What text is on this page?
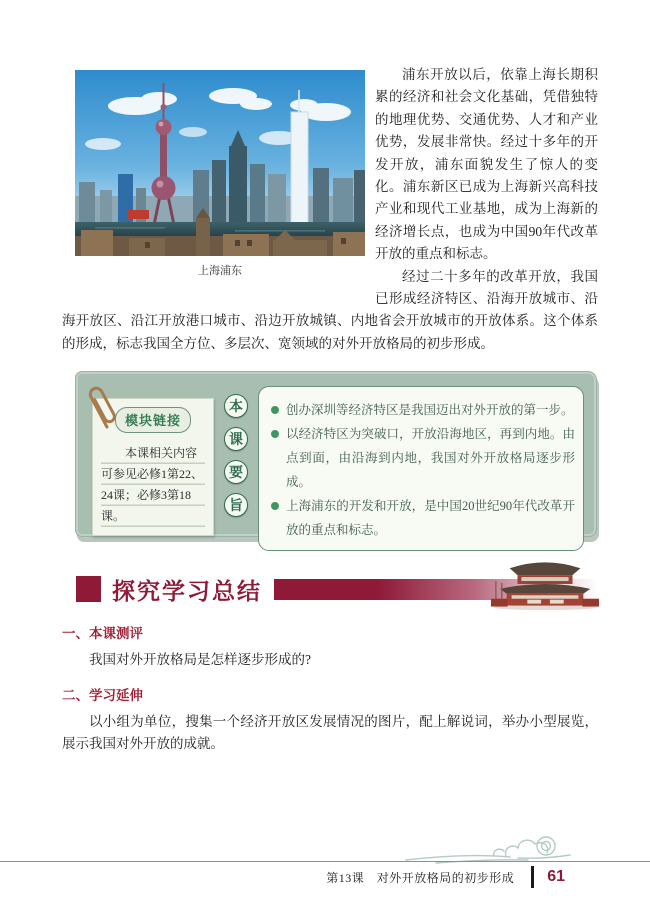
上海浦东

浦东开放以后，依靠上海长期积累的经济和社会文化基础，凭借独特的地理优势、交通优势、人才和产业优势，发展非常快。经过十多年的开发开放，浦东面貌发生了惊人的变化。浦东新区已成为上海新兴高科技产业和现代工业基地，成为上海新的经济增长点，也成为中国90年代改革开放的重点和标志。

经过二十多年的改革开放，我国已形成经济特区、沿海开放城市、沿海开放区、沿江开放港口城市、沿边开放城镇、内地省会开放城市的开放体系。这个体系的形成，标志我国全方位、多层次、宽领域的对外开放格局的初步形成。

模块链接
本课相关内容可参见必修1第22、24课；必修3第18课。
本
课
要
旨
创办深圳等经济特区是我国迈出对外开放的第一步。
以经济特区为突破口，开放沿海地区，再到内地。由点到面，由沿海到内地，我国对外开放格局逐步形成。
上海浦东的开发和开放，是中国20世纪90年代改革开放的重点和标志。
探究学习总结
一、本课测评

我国对外开放格局是怎样逐步形成的?

二、学习延伸

以小组为单位，搜集一个经济开放区发展情况的图片，配上解说词，举办小型展览，展示我国对外开放的成就。

第13课　对外开放格局的初步形成 61
